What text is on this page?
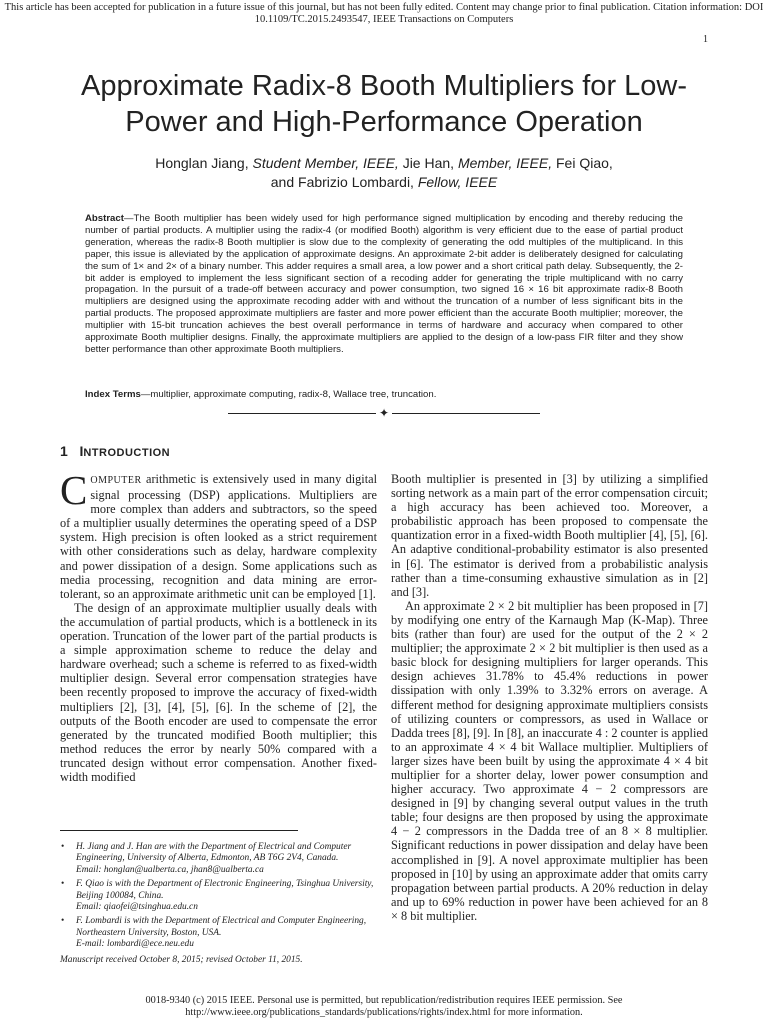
This article has been accepted for publication in a future issue of this journal, but has not been fully edited. Content may change prior to final publication. Citation information: DOI
10.1109/TC.2015.2493547, IEEE Transactions on Computers
1
Approximate Radix-8 Booth Multipliers for Low-Power and High-Performance Operation
Honglan Jiang, Student Member, IEEE, Jie Han, Member, IEEE, Fei Qiao,
and Fabrizio Lombardi, Fellow, IEEE
Abstract—The Booth multiplier has been widely used for high performance signed multiplication by encoding and thereby reducing the number of partial products. A multiplier using the radix-4 (or modified Booth) algorithm is very efficient due to the ease of partial product generation, whereas the radix-8 Booth multiplier is slow due to the complexity of generating the odd multiples of the multiplicand. In this paper, this issue is alleviated by the application of approximate designs. An approximate 2-bit adder is deliberately designed for calculating the sum of 1× and 2× of a binary number. This adder requires a small area, a low power and a short critical path delay. Subsequently, the 2-bit adder is employed to implement the less significant section of a recoding adder for generating the triple multiplicand with no carry propagation. In the pursuit of a trade-off between accuracy and power consumption, two signed 16 × 16 bit approximate radix-8 Booth multipliers are designed using the approximate recoding adder with and without the truncation of a number of less significant bits in the partial products. The proposed approximate multipliers are faster and more power efficient than the accurate Booth multiplier; moreover, the multiplier with 15-bit truncation achieves the best overall performance in terms of hardware and accuracy when compared to other approximate Booth multiplier designs. Finally, the approximate multipliers are applied to the design of a low-pass FIR filter and they show better performance than other approximate Booth multipliers.
Index Terms—multiplier, approximate computing, radix-8, Wallace tree, truncation.
✦
1 INTRODUCTION

COMPUTER arithmetic is extensively used in many digital signal processing (DSP) applications. Multipliers are more complex than adders and subtractors, so the speed of a multiplier usually determines the operating speed of a DSP system. High precision is often looked as a strict requirement with other considerations such as delay, hardware complexity and power dissipation of a design. Some applications such as media processing, recognition and data mining are error-tolerant, so an approximate arithmetic unit can be employed [1].

The design of an approximate multiplier usually deals with the accumulation of partial products, which is a bottleneck in its operation. Truncation of the lower part of the partial products is a simple approximation scheme to reduce the delay and hardware overhead; such a scheme is referred to as fixed-width multiplier design. Several error compensation strategies have been recently proposed to improve the accuracy of fixed-width multipliers [2], [3], [4], [5], [6]. In the scheme of [2], the outputs of the Booth encoder are used to compensate the error generated by the truncated modified Booth multiplier; this method reduces the error by nearly 50% compared with a truncated design without error compensation. Another fixed-width modified

Booth multiplier is presented in [3] by utilizing a simplified sorting network as a main part of the error compensation circuit; a high accuracy has been achieved too. Moreover, a probabilistic approach has been proposed to compensate the quantization error in a fixed-width Booth multiplier [4], [5], [6]. An adaptive conditional-probability estimator is also presented in [6]. The estimator is derived from a probabilistic analysis rather than a time-consuming exhaustive simulation as in [2] and [3].

An approximate 2 × 2 bit multiplier has been proposed in [7] by modifying one entry of the Karnaugh Map (K-Map). Three bits (rather than four) are used for the output of the 2 × 2 multiplier; the approximate 2 × 2 bit multiplier is then used as a basic block for designing multipliers for larger operands. This design achieves 31.78% to 45.4% reductions in power dissipation with only 1.39% to 3.32% errors on average. A different method for designing approximate multipliers consists of utilizing counters or compressors, as used in Wallace or Dadda trees [8], [9]. In [8], an inaccurate 4 : 2 counter is applied to an approximate 4 × 4 bit Wallace multiplier. Multipliers of larger sizes have been built by using the approximate 4 × 4 bit multiplier for a shorter delay, lower power consumption and higher accuracy. Two approximate 4 − 2 compressors are designed in [9] by changing several output values in the truth table; four designs are then proposed by using the approximate 4 − 2 compressors in the Dadda tree of an 8 × 8 multiplier. Significant reductions in power dissipation and delay have been accomplished in [9]. A novel approximate multiplier has been proposed in [10] by using an approximate adder that omits carry propagation between partial products. A 20% reduction in delay and up to 69% reduction in power have been achieved for an 8 × 8 bit multiplier.

• H. Jiang and J. Han are with the Department of Electrical and Computer Engineering, University of Alberta, Edmonton, AB T6G 2V4, Canada.
Email: honglan@ualberta.ca, jhan8@ualberta.ca
• F. Qiao is with the Department of Electronic Engineering, Tsinghua University, Beijing 100084, China.
Email: qiaofei@tsinghua.edu.cn
• F. Lombardi is with the Department of Electrical and Computer Engineering, Northeastern University, Boston, USA.
E-mail: lombardi@ece.neu.edu
Manuscript received October 8, 2015; revised October 11, 2015.
0018-9340 (c) 2015 IEEE. Personal use is permitted, but republication/redistribution requires IEEE permission. See
http://www.ieee.org/publications_standards/publications/rights/index.html for more information.
